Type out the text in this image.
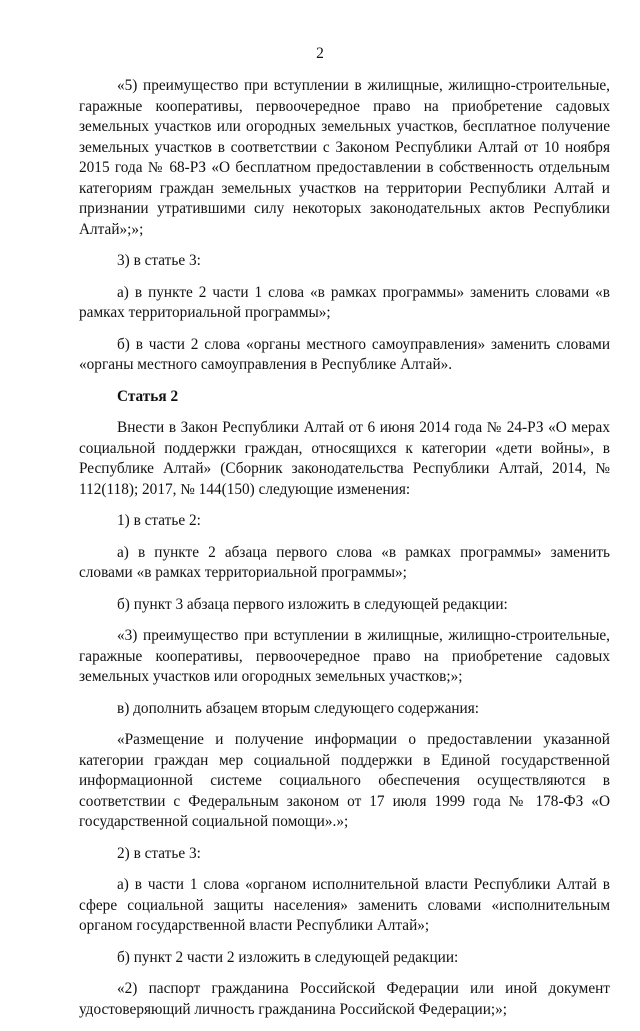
2

«5) преимущество при вступлении в жилищные, жилищно-строительные, гаражные кооперативы, первоочередное право на приобретение садовых земельных участков или огородных земельных участков, бесплатное получение земельных участков в соответствии с Законом Республики Алтай от 10 ноября 2015 года № 68-РЗ «О бесплатном предоставлении в собственность отдельным категориям граждан земельных участков на территории Республики Алтай и признании утратившими силу некоторых законодательных актов Республики Алтай»;»;

3) в статье 3:

а) в пункте 2 части 1 слова «в рамках программы» заменить словами «в рамках территориальной программы»;

б) в части 2 слова «органы местного самоуправления» заменить словами «органы местного самоуправления в Республике Алтай».

Статья 2

Внести в Закон Республики Алтай от 6 июня 2014 года № 24-РЗ «О мерах социальной поддержки граждан, относящихся к категории «дети войны», в Республике Алтай» (Сборник законодательства Республики Алтай, 2014, № 112(118); 2017, № 144(150) следующие изменения:

1) в статье 2:

а) в пункте 2 абзаца первого слова «в рамках программы» заменить словами «в рамках территориальной программы»;

б) пункт 3 абзаца первого изложить в следующей редакции:

«3) преимущество при вступлении в жилищные, жилищно-строительные, гаражные кооперативы, первоочередное право на приобретение садовых земельных участков или огородных земельных участков;»;

в) дополнить абзацем вторым следующего содержания:

«Размещение и получение информации о предоставлении указанной категории граждан мер социальной поддержки в Единой государственной информационной системе социального обеспечения осуществляются в соответствии с Федеральным законом от 17 июля 1999 года № 178-ФЗ «О государственной социальной помощи».»;

2) в статье 3:

а) в части 1 слова «органом исполнительной власти Республики Алтай в сфере социальной защиты населения» заменить словами «исполнительным органом государственной власти Республики Алтай»;

б) пункт 2 части 2 изложить в следующей редакции:

«2) паспорт гражданина Российской Федерации или иной документ удостоверяющий личность гражданина Российской Федерации;»;
